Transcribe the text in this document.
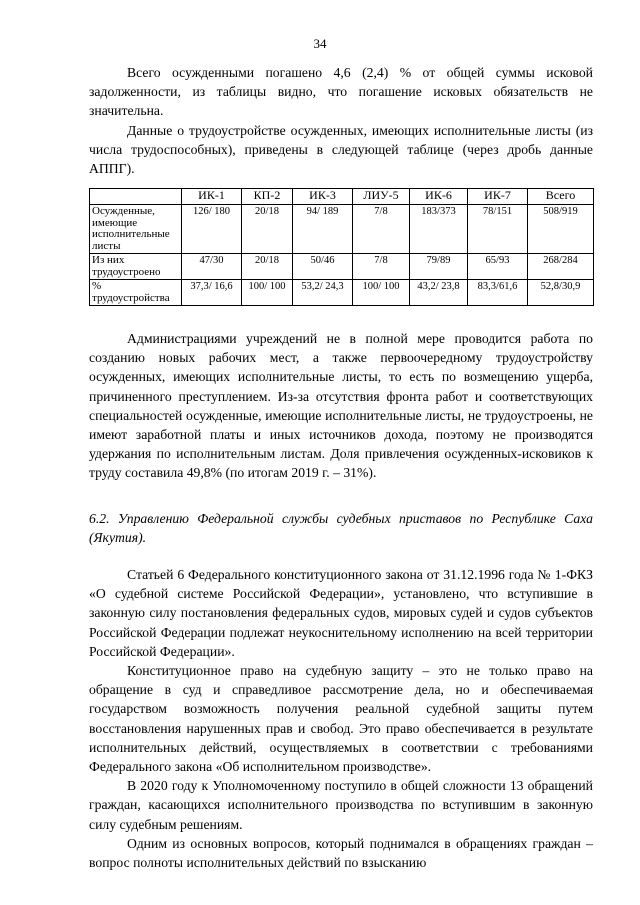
34

Всего осужденными погашено 4,6 (2,4) % от общей суммы исковой задолженности, из таблицы видно, что погашение исковых обязательств не значительна.

Данные о трудоустройстве осужденных, имеющих исполнительные листы (из числа трудоспособных), приведены в следующей таблице (через дробь данные АППГ).

	ИК-1	КП-2	ИК-3	ЛИУ-5	ИК-6	ИК-7	Всего
Осужденные, имеющие исполнительные листы	126/ 180	20/18	94/ 189	7/8	183/373	78/151	508/919
Из них трудоустроено	47/30	20/18	50/46	7/8	79/89	65/93	268/284
% трудоустройства	37,3/ 16,6	100/ 100	53,2/ 24,3	100/ 100	43,2/ 23,8	83,3/61,6	52,8/30,9

Администрациями учреждений не в полной мере проводится работа по созданию новых рабочих мест, а также первоочередному трудоустройству осужденных, имеющих исполнительные листы, то есть по возмещению ущерба, причиненного преступлением. Из-за отсутствия фронта работ и соответствующих специальностей осужденные, имеющие исполнительные листы, не трудоустроены, не имеют заработной платы и иных источников дохода, поэтому не производятся удержания по исполнительным листам. Доля привлечения осужденных-исковиков к труду составила 49,8% (по итогам 2019 г. – 31%).

6.2. Управлению Федеральной службы судебных приставов по Республике Саха (Якутия).

Статьей 6 Федерального конституционного закона от 31.12.1996 года № 1-ФКЗ «О судебной системе Российской Федерации», установлено, что вступившие в законную силу постановления федеральных судов, мировых судей и судов субъектов Российской Федерации подлежат неукоснительному исполнению на всей территории Российской Федерации».

Конституционное право на судебную защиту – это не только право на обращение в суд и справедливое рассмотрение дела, но и обеспечиваемая государством возможность получения реальной судебной защиты путем восстановления нарушенных прав и свобод. Это право обеспечивается в результате исполнительных действий, осуществляемых в соответствии с требованиями Федерального закона «Об исполнительном производстве».

В 2020 году к Уполномоченному поступило в общей сложности 13 обращений граждан, касающихся исполнительного производства по вступившим в законную силу судебным решениям.

Одним из основных вопросов, который поднимался в обращениях граждан – вопрос полноты исполнительных действий по взысканию
